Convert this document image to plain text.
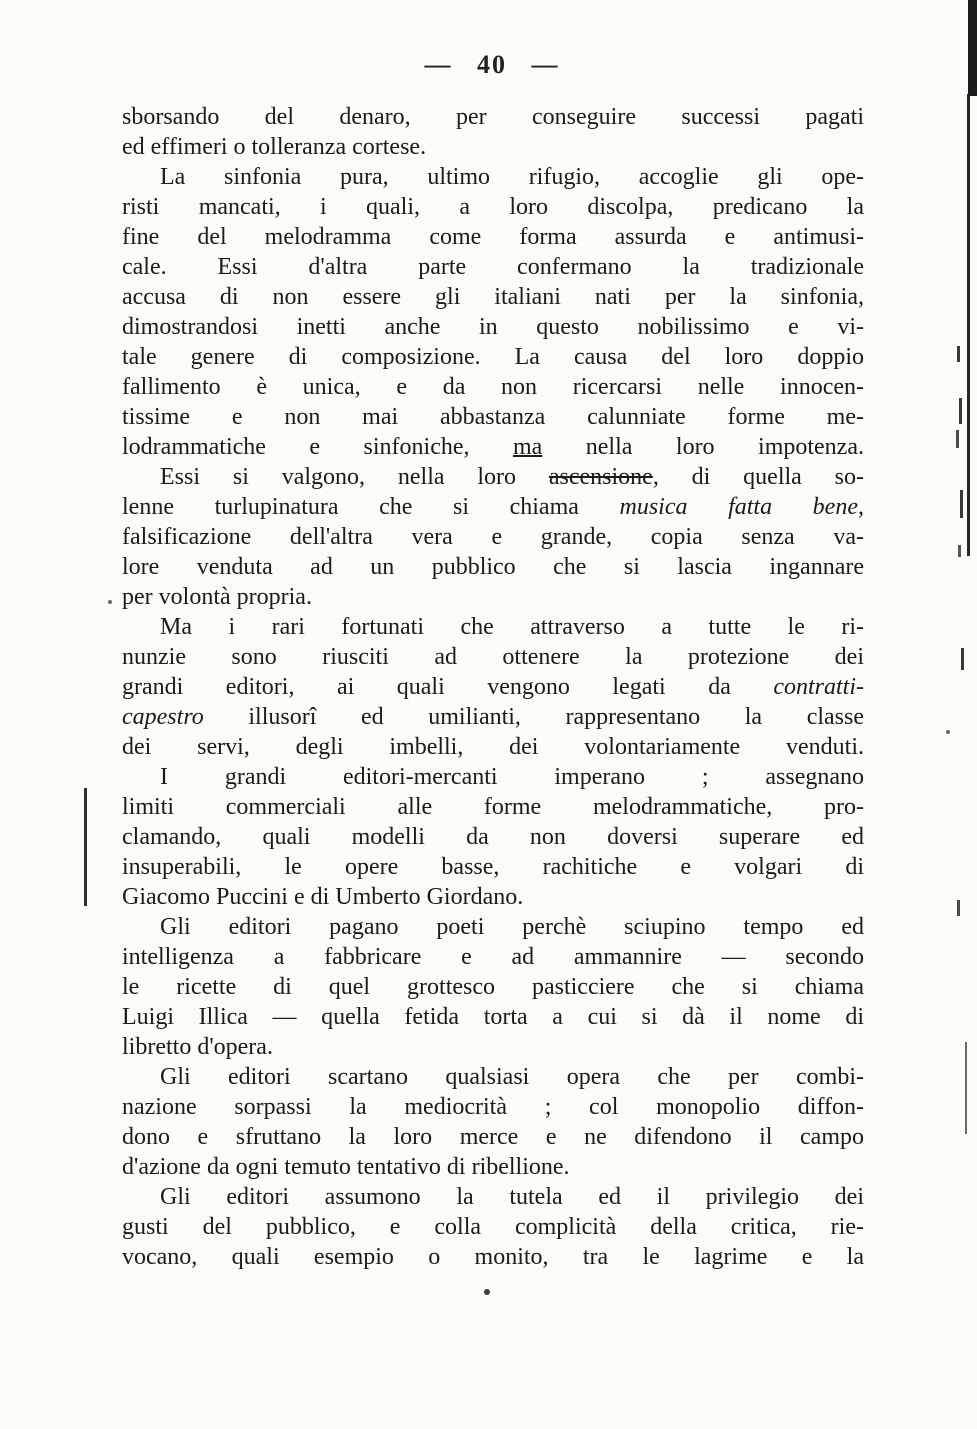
— 40 —
sborsando del denaro, per conseguire successi pagati
ed effimeri o tolleranza cortese.
La sinfonia pura, ultimo rifugio, accoglie gli ope-
risti mancati, i quali, a loro discolpa, predicano la
fine del melodramma come forma assurda e antimusi-
cale. Essi d'altra parte confermano la tradizionale
accusa di non essere gli italiani nati per la sinfonia,
dimostrandosi inetti anche in questo nobilissimo e vi-
tale genere di composizione. La causa del loro doppio
fallimento è unica, e da non ricercarsi nelle innocen-
tissime e non mai abbastanza calunniate forme me-
lodrammatiche e sinfoniche, ma nella loro impotenza.
Essi si valgono, nella loro ascensione, di quella so-
lenne turlupinatura che si chiama musica fatta bene,
falsificazione dell'altra vera e grande, copia senza va-
lore venduta ad un pubblico che si lascia ingannare
per volontà propria.
Ma i rari fortunati che attraverso a tutte le ri-
nunzie sono riusciti ad ottenere la protezione dei
grandi editori, ai quali vengono legati da contratti-
capestro illusorî ed umilianti, rappresentano la classe
dei servi, degli imbelli, dei volontariamente venduti.
I grandi editori-mercanti imperano ; assegnano
limiti commerciali alle forme melodrammatiche, pro-
clamando, quali modelli da non doversi superare ed
insuperabili, le opere basse, rachitiche e volgari di
Giacomo Puccini e di Umberto Giordano.
Gli editori pagano poeti perchè sciupino tempo ed
intelligenza a fabbricare e ad ammannire — secondo
le ricette di quel grottesco pasticciere che si chiama
Luigi Illica — quella fetida torta a cui si dà il nome di
libretto d'opera.
Gli editori scartano qualsiasi opera che per combi-
nazione sorpassi la mediocrità ; col monopolio diffon-
dono e sfruttano la loro merce e ne difendono il campo
d'azione da ogni temuto tentativo di ribellione.
Gli editori assumono la tutela ed il privilegio dei
gusti del pubblico, e colla complicità della critica, rie-
vocano, quali esempio o monito, tra le lagrime e la
